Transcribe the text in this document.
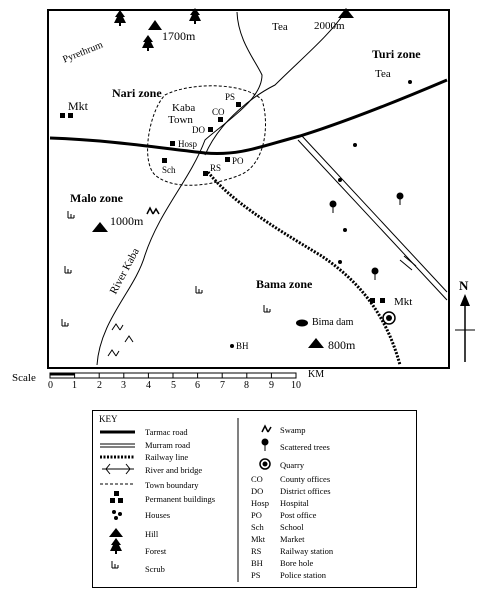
Pyrethrum
1700m
Tea 2000m
Turi zone
Tea
Nari zone
Mkt	Kaba
Town
PS
CO
DO
Hosp
PO
Sch	RS
Malo zone
1000m
River Kaba	Bama zone
Mkt
Bima dam
BH	800m
N
Scale	KM
0 1 2 3 4 5 6 7 8 9 10
KEY
Tarmac road
Murram road
Railway line
River and bridge
Town boundary
Permanent buildings
Houses
Hill
Forest
Scrub
Swamp
Scattered trees
Quarry
CO County offices
DO District offices
Hosp Hospital
PO Post office
Sch School
Mkt Market
RS Railway station
BH Bore hole
PS Police station
